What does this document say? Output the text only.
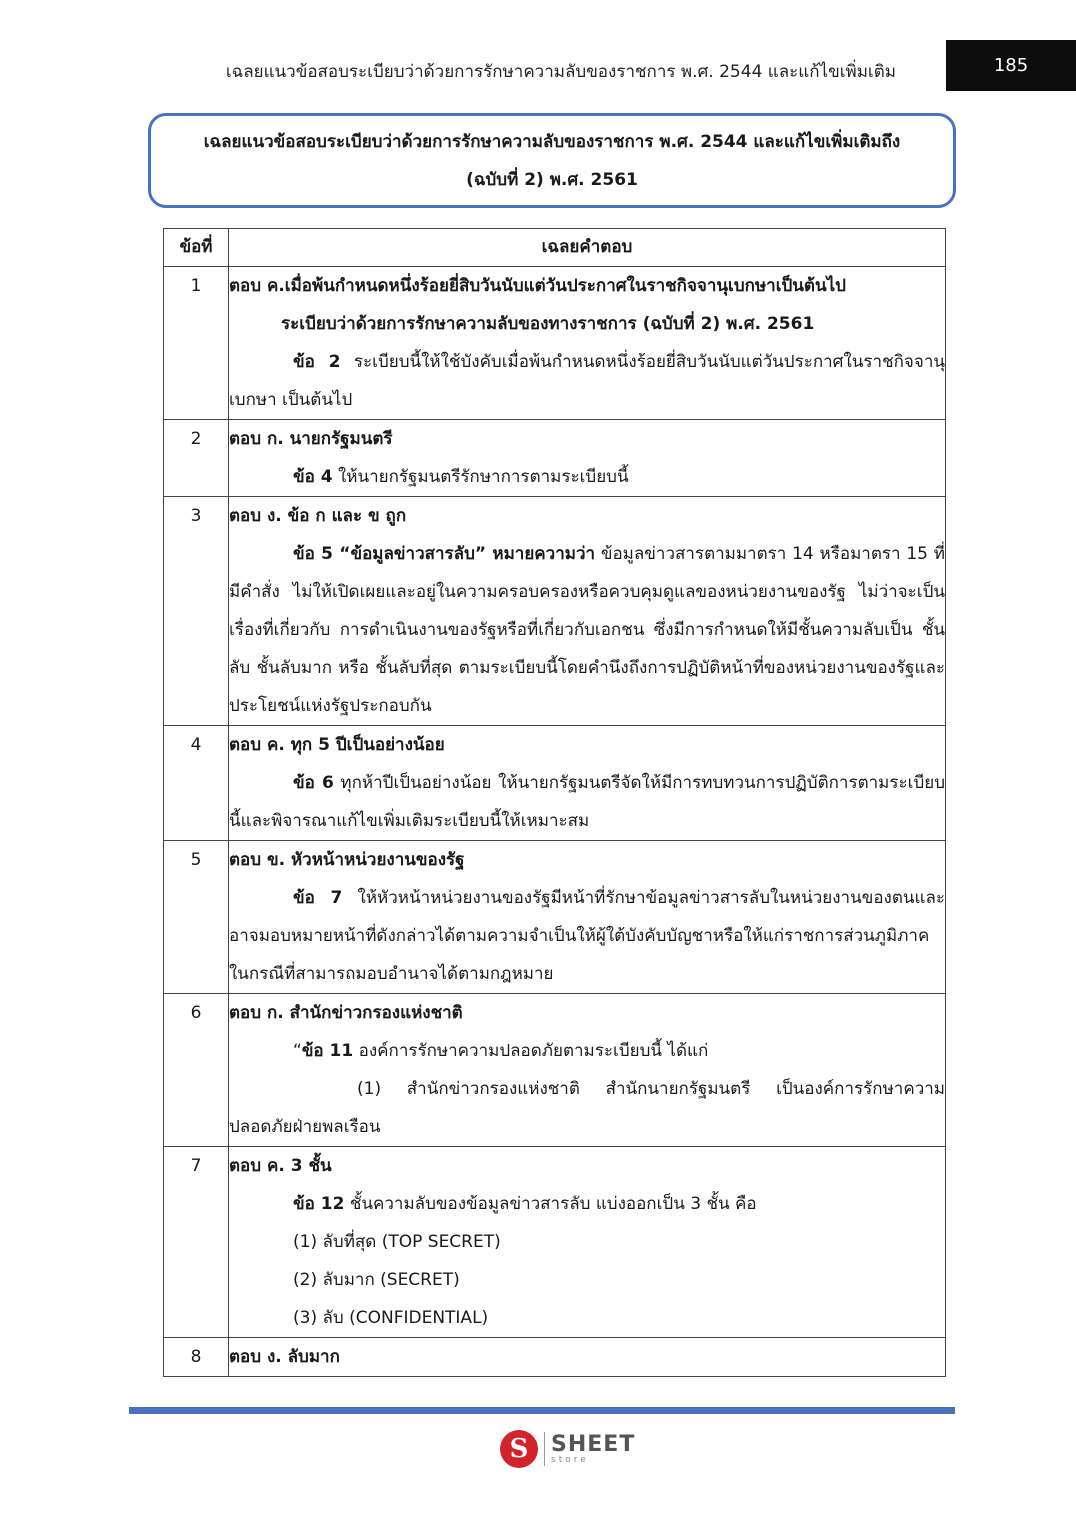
เฉลยแนวข้อสอบระเบียบว่าด้วยการรักษาความลับของราชการ พ.ศ. 2544 และแก้ไขเพิ่มเติม	185
เฉลยแนวข้อสอบระเบียบว่าด้วยการรักษาความลับของราชการ พ.ศ. 2544 และแก้ไขเพิ่มเติมถึง
(ฉบับที่ 2) พ.ศ. 2561
ข้อที่	เฉลยคำตอบ
1	ตอบ ค.เมื่อพ้นกำหนดหนึ่งร้อยยี่สิบวันนับแต่วันประกาศในราชกิจจานุเบกษาเป็นต้นไป
ระเบียบว่าด้วยการรักษาความลับของทางราชการ (ฉบับที่ 2) พ.ศ. 2561
ข้อ 2 ระเบียบนี้ให้ใช้บังคับเมื่อพ้นกำหนดหนึ่งร้อยยี่สิบวันนับแต่วันประกาศในราชกิจจานุเบกษา เป็นต้นไป

2	ตอบ ก. นายกรัฐมนตรี
ข้อ 4 ให้นายกรัฐมนตรีรักษาการตามระเบียบนี้

3	ตอบ ง. ข้อ ก และ ข ถูก
ข้อ 5 “ข้อมูลข่าวสารลับ” หมายความว่า ข้อมูลข่าวสารตามมาตรา 14 หรือมาตรา 15 ที่มีคำสั่ง ไม่ให้เปิดเผยและอยู่ในความครอบครองหรือควบคุมดูแลของหน่วยงานของรัฐ ไม่ว่าจะเป็นเรื่องที่เกี่ยวกับ การดำเนินงานของรัฐหรือที่เกี่ยวกับเอกชน ซึ่งมีการกำหนดให้มีชั้นความลับเป็น ชั้นลับ ชั้นลับมาก หรือ ชั้นลับที่สุด ตามระเบียบนี้โดยคำนึงถึงการปฏิบัติหน้าที่ของหน่วยงานของรัฐและประโยชน์แห่งรัฐประกอบกัน

4	ตอบ ค. ทุก 5 ปีเป็นอย่างน้อย
ข้อ 6 ทุกห้าปีเป็นอย่างน้อย ให้นายกรัฐมนตรีจัดให้มีการทบทวนการปฏิบัติการตามระเบียบนี้และพิจารณาแก้ไขเพิ่มเติมระเบียบนี้ให้เหมาะสม

5	ตอบ ข. หัวหน้าหน่วยงานของรัฐ
ข้อ 7 ให้หัวหน้าหน่วยงานของรัฐมีหน้าที่รักษาข้อมูลข่าวสารลับในหน่วยงานของตนและอาจมอบหมายหน้าที่ดังกล่าวได้ตามความจำเป็นให้ผู้ใต้บังคับบัญชาหรือให้แก่ราชการส่วนภูมิภาค ในกรณีที่สามารถมอบอำนาจได้ตามกฎหมาย

6	ตอบ ก. สำนักข่าวกรองแห่งชาติ
“ข้อ 11 องค์การรักษาความปลอดภัยตามระเบียบนี้ ได้แก่
(1) สำนักข่าวกรองแห่งชาติ สำนักนายกรัฐมนตรี เป็นองค์การรักษาความปลอดภัยฝ่ายพลเรือน

7	ตอบ ค. 3 ชั้น
ข้อ 12 ชั้นความลับของข้อมูลข่าวสารลับ แบ่งออกเป็น 3 ชั้น คือ
(1) ลับที่สุด (TOP SECRET)
(2) ลับมาก (SECRET)
(3) ลับ (CONFIDENTIAL)

8	ตอบ ง. ลับมาก
S	SHEET
store
